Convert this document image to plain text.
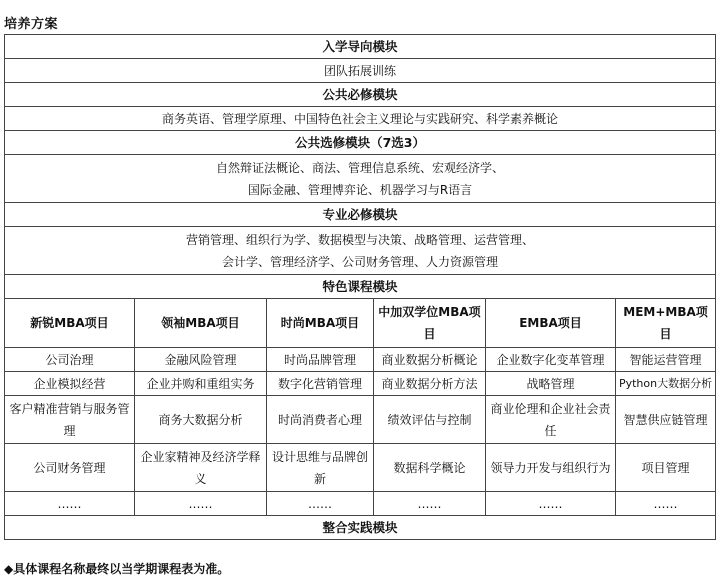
培养方案
入学导向模块					
团队拓展训练					
公共必修模块					
商务英语、管理学原理、中国特色社会主义理论与实践研究、科学素养概论					
公共选修模块（7选3）					

自然辩证法概论、商法、管理信息系统、宏观经济学、
国际金融、管理博弈论、机器学习与R语言					

专业必修模块					

营销管理、组织行为学、数据模型与决策、战略管理、运营管理、
会计学、管理经济学、公司财务管理、人力资源管理					

特色课程模块					
新锐MBA项目	领袖MBA项目	时尚MBA项目	中加双学位MBA项目	EMBA项目	MEM+MBA项目
公司治理	金融风险管理	时尚品牌管理	商业数据分析概论	企业数字化变革管理	智能运营管理
企业模拟经营	企业并购和重组实务	数字化营销管理	商业数据分析方法	战略管理	Python大数据分析
客户精准营销与服务管理	商务大数据分析	时尚消费者心理	绩效评估与控制	商业伦理和企业社会责任	智慧供应链管理
公司财务管理	企业家精神及经济学释义	设计思维与品牌创新	数据科学概论	领导力开发与组织行为	项目管理
……	……	……	……	……	……
整合实践模块					
◆具体课程名称最终以当学期课程表为准。
